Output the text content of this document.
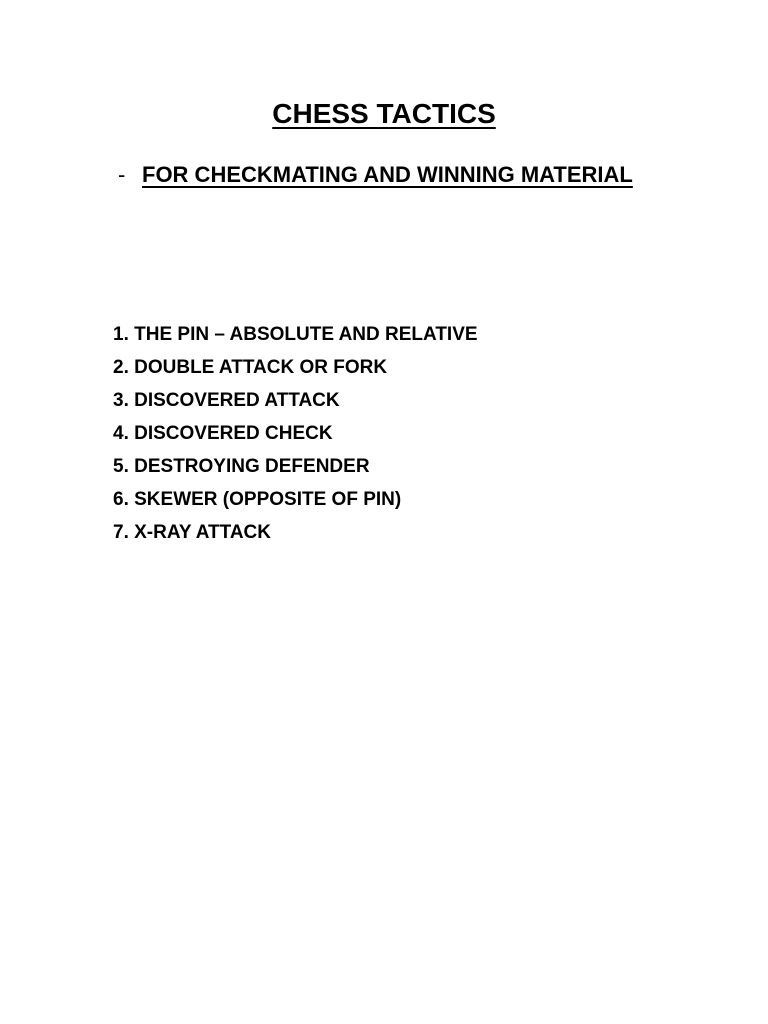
CHESS TACTICS
- FOR CHECKMATING AND WINNING MATERIAL
1. THE PIN – ABSOLUTE AND RELATIVE
2. DOUBLE ATTACK OR FORK
3. DISCOVERED ATTACK
4. DISCOVERED CHECK
5. DESTROYING DEFENDER
6. SKEWER (OPPOSITE OF PIN)
7. X-RAY ATTACK
